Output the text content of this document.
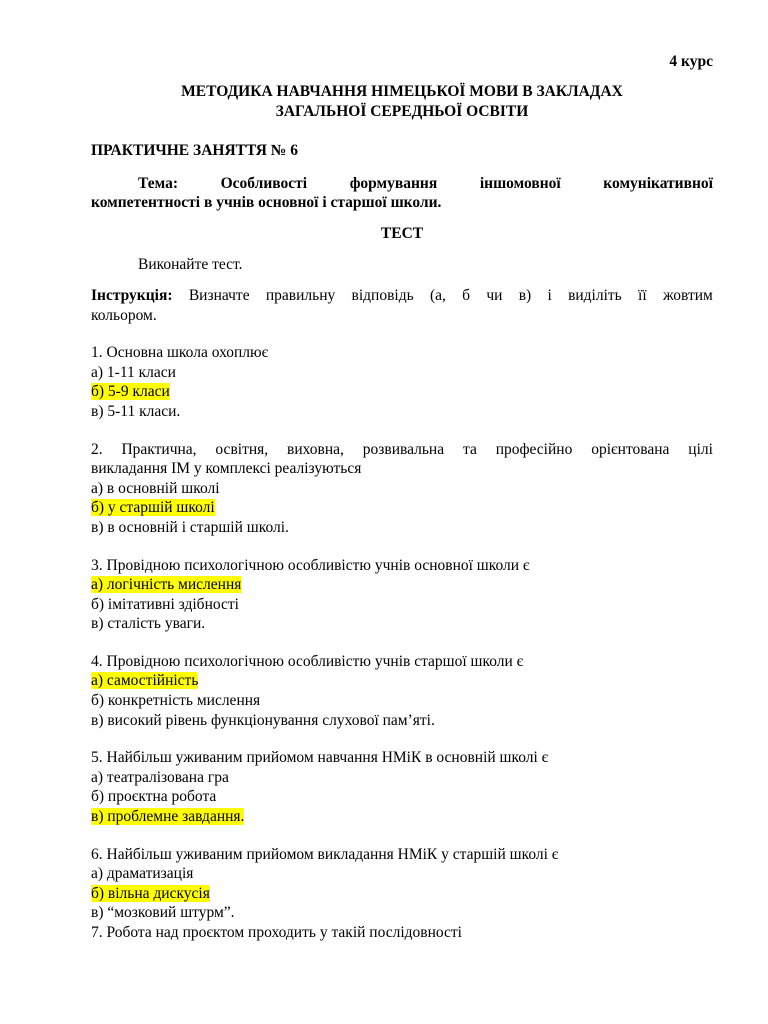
4 курс
МЕТОДИКА НАВЧАННЯ НІМЕЦЬКОЇ МОВИ В ЗАКЛАДАХ
ЗАГАЛЬНОЇ СЕРЕДНЬОЇ ОСВІТИ
ПРАКТИЧНЕ ЗАНЯТТЯ № 6
Тема:	Особливості	формування	іншомовної	комунікативної
компетентності в учнів основної і старшої школи.
ТЕСТ
Виконайте тест.
Інструкція: Визначте правильну відповідь (а, б чи в) і виділіть її жовтим
кольором.
1. Основна школа охоплює
а) 1-11 класи
б) 5-9 класи
в) 5-11 класи.
2. Практична, освітня, виховна, розвивальна та професійно орієнтована цілі
викладання ІМ у комплексі реалізуються
а) в основній школі
б) у старшій школі
в) в основній і старшій школі.
3. Провідною психологічною особливістю учнів основної школи є
а) логічність мислення
б) імітативні здібності
в) сталість уваги.
4. Провідною психологічною особливістю учнів старшої школи є
а) самостійність
б) конкретність мислення
в) високий рівень функціонування слухової пам’яті.
5. Найбільш уживаним прийомом навчання НМіК в основній школі є
а) театралізована гра
б) проєктна робота
в) проблемне завдання.
6. Найбільш уживаним прийомом викладання НМіК у старшій школі є
а) драматизація
б) вільна дискусія
в) “мозковий штурм”.
7. Робота над проєктом проходить у такій послідовності
